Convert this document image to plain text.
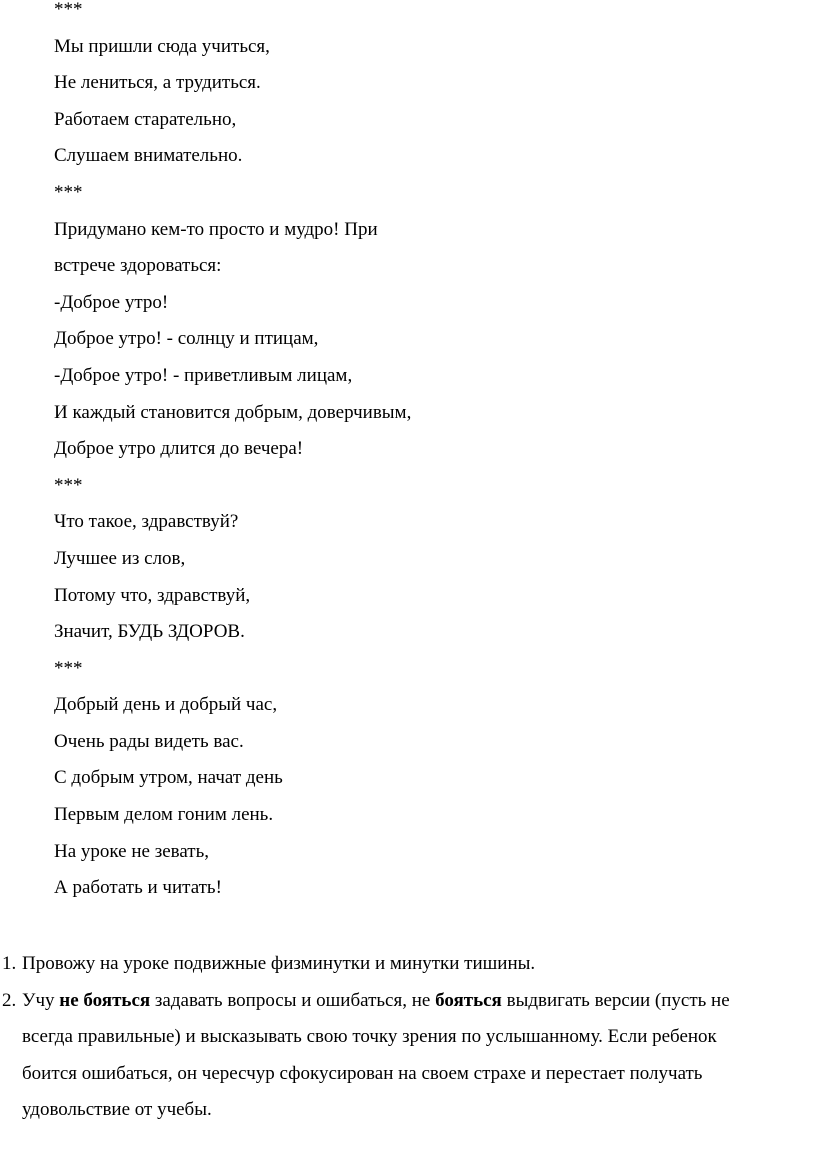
***
Мы пришли сюда учиться,
Не лениться, а трудиться.
Работаем старательно,
Слушаем внимательно.
***
Придумано кем-то просто и мудро! При
встрече здороваться:
-Доброе утро!
Доброе утро! - солнцу и птицам,
-Доброе утро! - приветливым лицам,
И каждый становится добрым, доверчивым,
Доброе утро длится до вечера!
***
Что такое, здравствуй?
Лучшее из слов,
Потому что, здравствуй,
Значит, БУДЬ ЗДОРОВ.
***
Добрый день и добрый час,
Очень рады видеть вас.
С добрым утром, начат день
Первым делом гоним лень.
На уроке не зевать,
А работать и читать!
1. Провожу на уроке подвижные физминутки и минутки тишины.
2. Учу не бояться задавать вопросы и ошибаться, не бояться выдвигать версии (пусть не
всегда правильные) и высказывать свою точку зрения по услышанному. Если ребенок
боится ошибаться, он чересчур сфокусирован на своем страхе и перестает получать
удовольствие от учебы.
